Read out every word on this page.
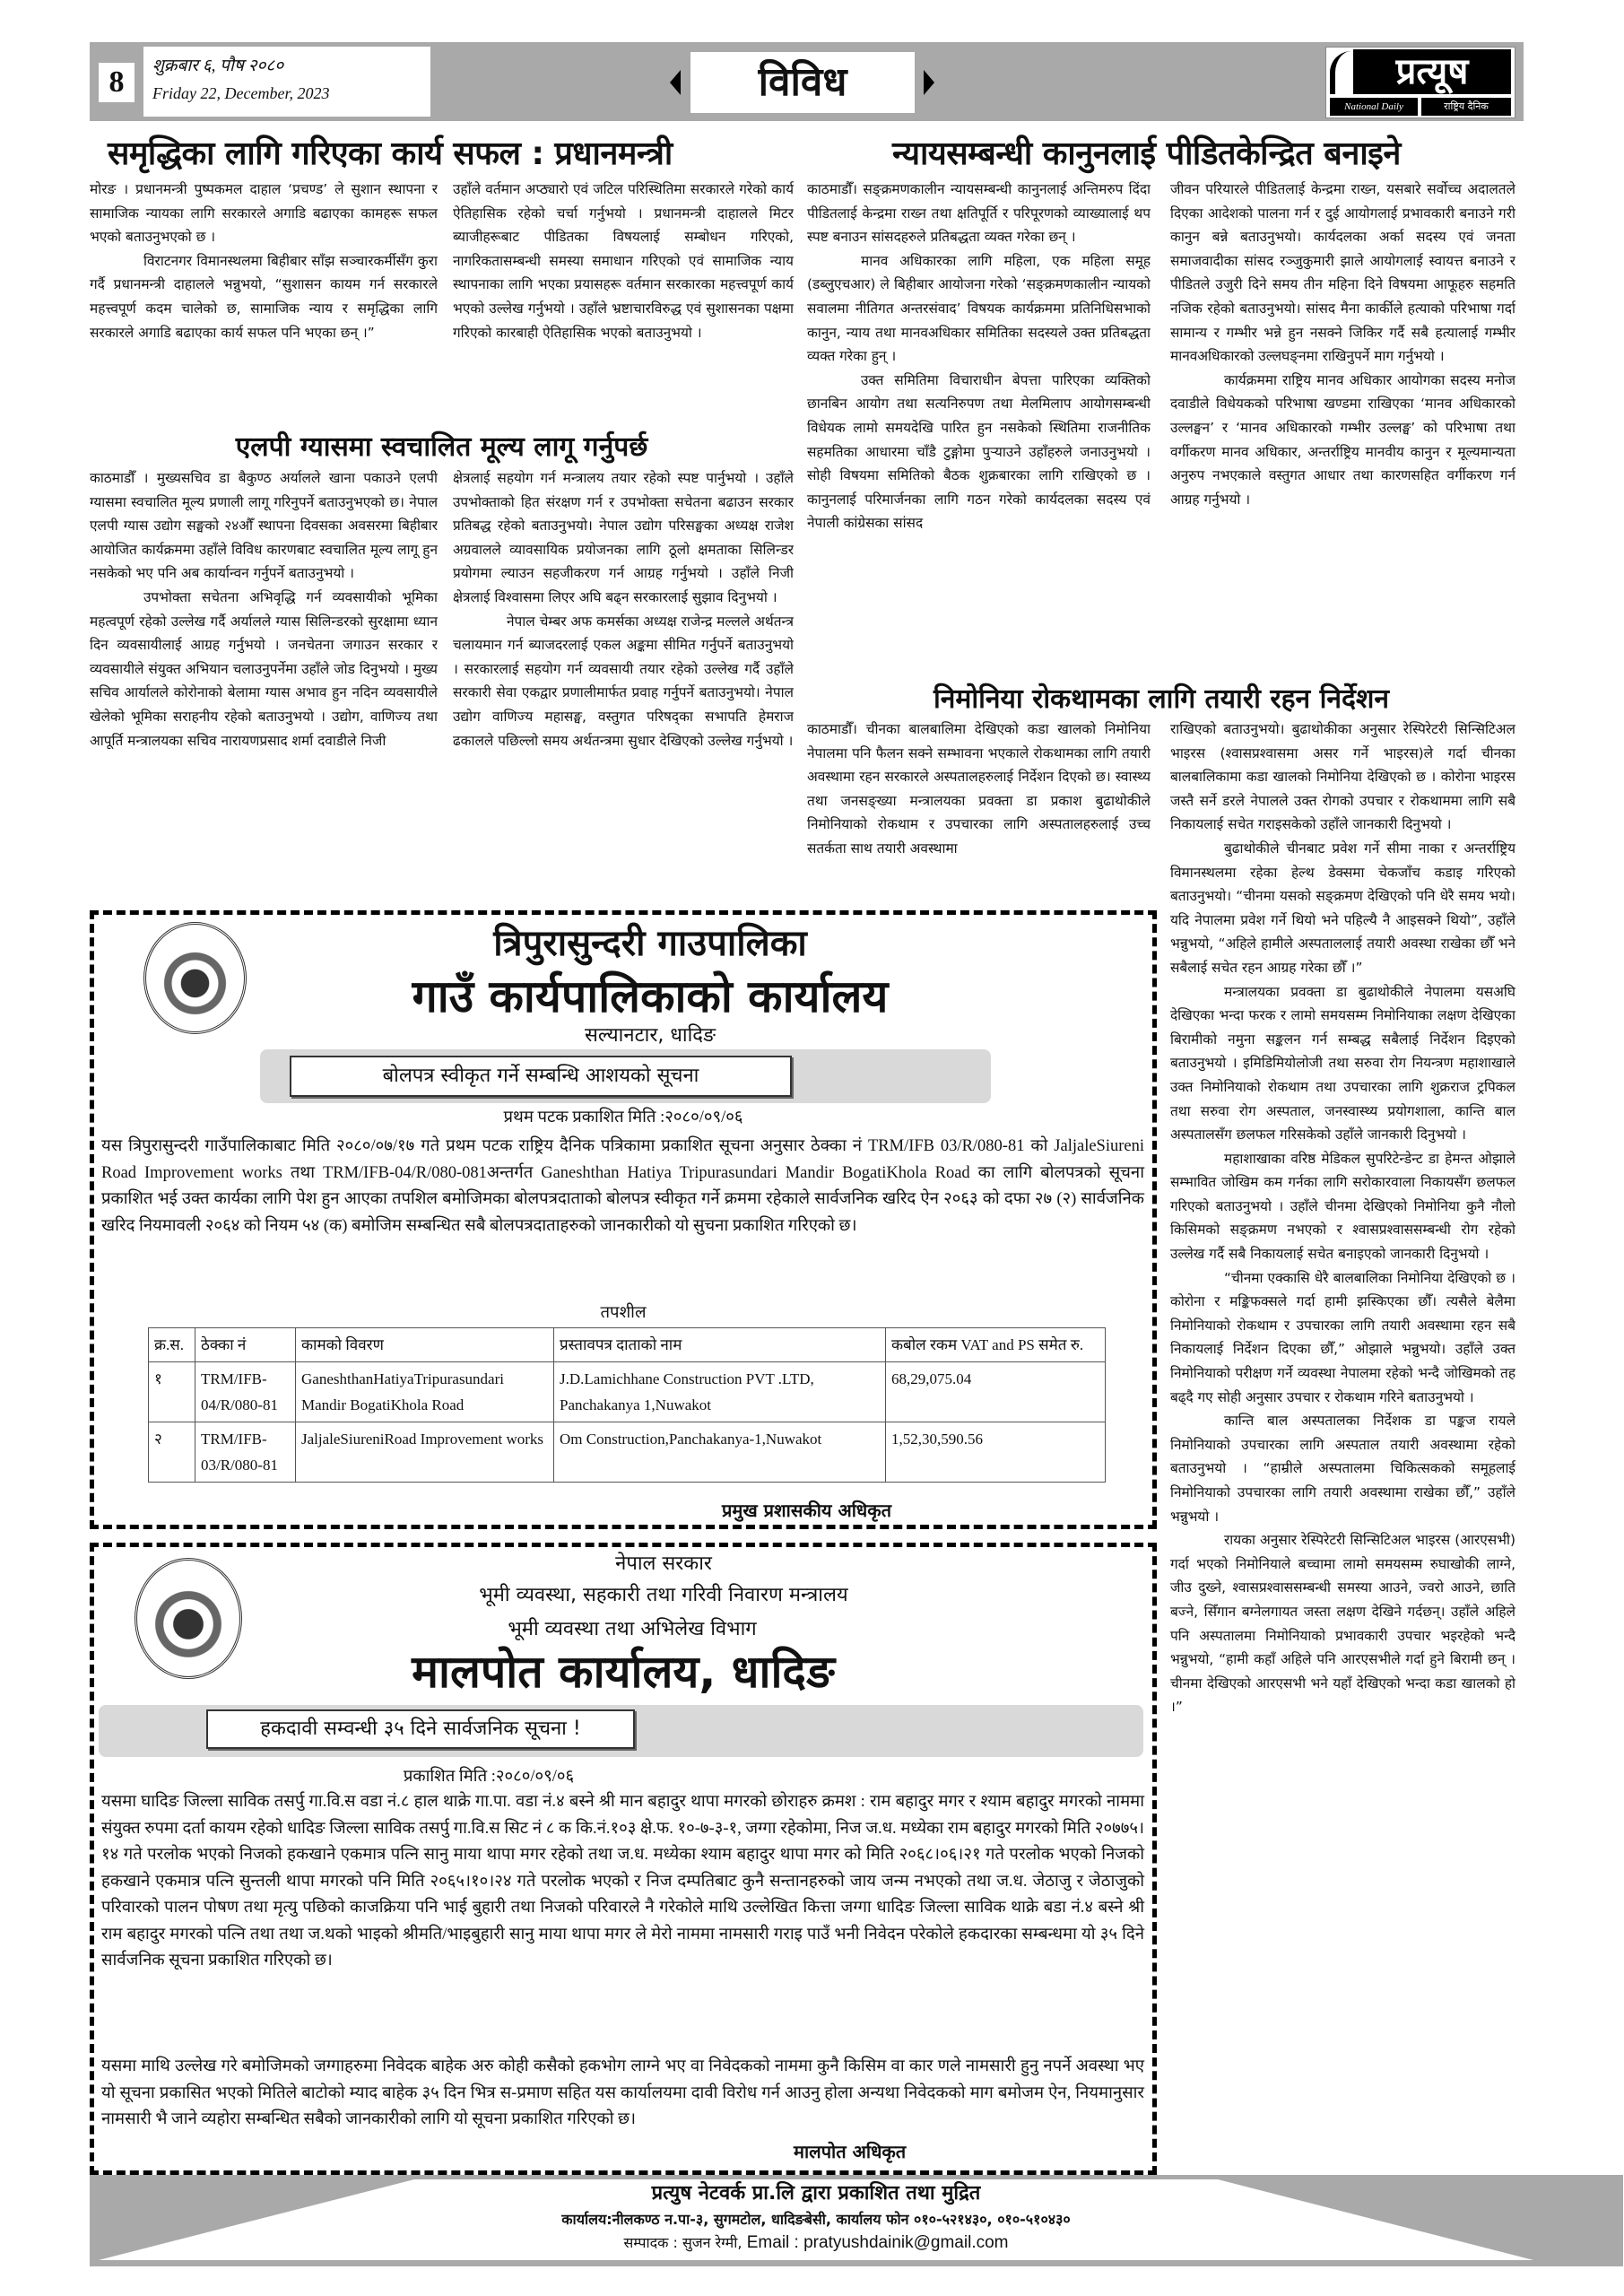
8	शुक्रबार ६, पौष २०८०
Friday 22, December, 2023	विविध	प्रत्यूष
National Daily	राष्ट्रिय दैनिक
समृद्धिका लागि गरिएका कार्य सफल : प्रधानमन्त्री

मोरङ । प्रधानमन्त्री पुष्पकमल दाहाल ‘प्रचण्ड’ ले सुशान स्थापना र सामाजिक न्यायका लागि सरकारले अगाडि बढाएका कामहरू सफल भएको बताउनुभएको छ ।

विराटनगर विमानस्थलमा बिहीबार साँझ सञ्चारकर्मीसँग कुरा गर्दै प्रधानमन्त्री दाहालले भन्नुभयो, “सुशासन कायम गर्न सरकारले महत्त्वपूर्ण कदम चालेको छ, सामाजिक न्याय र समृद्धिका लागि सरकारले अगाडि बढाएका कार्य सफल पनि भएका छन् ।”

उहाँले वर्तमान अप्ठ्यारो एवं जटिल परिस्थितिमा सरकारले गरेको कार्य ऐतिहासिक रहेको चर्चा गर्नुभयो । प्रधानमन्त्री दाहालले मिटर ब्याजीहरूबाट पीडितका विषयलाई सम्बोधन गरिएको, नागरिकतासम्बन्धी समस्या समाधान गरिएको एवं सामाजिक न्याय स्थापनाका लागि भएका प्रयासहरू वर्तमान सरकारका महत्त्वपूर्ण कार्य भएको उल्लेख गर्नुभयो । उहाँले भ्रष्टाचारविरुद्ध एवं सुशासनका पक्षमा गरिएको कारबाही ऐतिहासिक भएको बताउनुभयो ।

एलपी ग्यासमा स्वचालित मूल्य लागू गर्नुपर्छ

काठमाडौँ । मुख्यसचिव डा बैकुण्ठ अर्यालले खाना पकाउने एलपी ग्यासमा स्वचालित मूल्य प्रणाली लागू गरिनुपर्ने बताउनुभएको छ। नेपाल एलपी ग्यास उद्योग सङ्घको २४औँ स्थापना दिवसका अवसरमा बिहीबार आयोजित कार्यक्रममा उहाँले विविध कारणबाट स्वचालित मूल्य लागू हुन नसकेको भए पनि अब कार्यान्वन गर्नुपर्ने बताउनुभयो ।

उपभोक्ता सचेतना अभिवृद्धि गर्न व्यवसायीको भूमिका महत्वपूर्ण रहेको उल्लेख गर्दै अर्यालले ग्यास सिलिन्डरको सुरक्षामा ध्यान दिन व्यवसायीलाई आग्रह गर्नुभयो । जनचेतना जगाउन सरकार र व्यवसायीले संयुक्त अभियान चलाउनुपर्नेमा उहाँले जोड दिनुभयो । मुख्य सचिव आर्यालले कोरोनाको बेलामा ग्यास अभाव हुन नदिन व्यवसायीले खेलेको भूमिका सराहनीय रहेको बताउनुभयो । उद्योग, वाणिज्य तथा आपूर्ति मन्त्रालयका सचिव नारायणप्रसाद शर्मा दवाडीले निजी

क्षेत्रलाई सहयोग गर्न मन्त्रालय तयार रहेको स्पष्ट पार्नुभयो । उहाँले उपभोक्ताको हित संरक्षण गर्न र उपभोक्ता सचेतना बढाउन सरकार प्रतिबद्ध रहेको बताउनुभयो। नेपाल उद्योग परिसङ्घका अध्यक्ष राजेश अग्रवालले व्यावसायिक प्रयोजनका लागि ठूलो क्षमताका सिलिन्डर प्रयोगमा ल्याउन सहजीकरण गर्न आग्रह गर्नुभयो । उहाँले निजी क्षेत्रलाई विश्वासमा लिएर अघि बढ्न सरकारलाई सुझाव दिनुभयो ।

नेपाल चेम्बर अफ कमर्सका अध्यक्ष राजेन्द्र मल्लले अर्थतन्त्र चलायमान गर्न ब्याजदरलाई एकल अङ्कमा सीमित गर्नुपर्ने बताउनुभयो । सरकारलाई सहयोग गर्न व्यवसायी तयार रहेको उल्लेख गर्दै उहाँले सरकारी सेवा एकद्वार प्रणालीमार्फत प्रवाह गर्नुपर्ने बताउनुभयो। नेपाल उद्योग वाणिज्य महासङ्घ, वस्तुगत परिषद्का सभापति हेमराज ढकालले पछिल्लो समय अर्थतन्त्रमा सुधार देखिएको उल्लेख गर्नुभयो ।

न्यायसम्बन्धी कानुनलाई पीडितकेन्द्रित बनाइने

काठमाडौँ। सङ्क्रमणकालीन न्यायसम्बन्धी कानुनलाई अन्तिमरुप दिंदा पीडितलाई केन्द्रमा राख्न तथा क्षतिपूर्ति र परिपूरणको व्याख्यालाई थप स्पष्ट बनाउन सांसदहरुले प्रतिबद्धता व्यक्त गरेका छन् ।

मानव अधिकारका लागि महिला, एक महिला समूह (डब्लुएचआर) ले बिहीबार आयोजना गरेको ‘सङ्क्रमणकालीन न्यायको सवालमा नीतिगत अन्तरसंवाद’ विषयक कार्यक्रममा प्रतिनिधिसभाको कानुन, न्याय तथा मानवअधिकार समितिका सदस्यले उक्त प्रतिबद्धता व्यक्त गरेका हुन् ।

उक्त समितिमा विचाराधीन बेपत्ता पारिएका व्यक्तिको छानबिन आयोग तथा सत्यनिरुपण तथा मेलमिलाप आयोगसम्बन्धी विधेयक लामो समयदेखि पारित हुन नसकेको स्थितिमा राजनीतिक सहमतिका आधारमा चाँडै टुङ्गोमा पुऱ्याउने उहाँहरुले जनाउनुभयो । सोही विषयमा समितिको बैठक शुक्रबारका लागि राखिएको छ । कानुनलाई परिमार्जनका लागि गठन गरेको कार्यदलका सदस्य एवं नेपाली कांग्रेसका सांसद

जीवन परियारले पीडितलाई केन्द्रमा राख्न, यसबारे सर्वोच्च अदालतले दिएका आदेशको पालना गर्न र दुई आयोगलाई प्रभावकारी बनाउने गरी कानुन बन्ने बताउनुभयो। कार्यदलका अर्का सदस्य एवं जनता समाजवादीका सांसद रञ्जुकुमारी झाले आयोगलाई स्वायत्त बनाउने र पीडितले उजुरी दिने समय तीन महिना दिने विषयमा आफूहरु सहमति नजिक रहेको बताउनुभयो। सांसद मैना कार्कीले हत्याको परिभाषा गर्दा सामान्य र गम्भीर भन्ने हुन नसक्ने जिकिर गर्दै सबै हत्यालाई गम्भीर मानवअधिकारको उल्लघङ्नमा राखिनुपर्ने माग गर्नुभयो ।

कार्यक्रममा राष्ट्रिय मानव अधिकार आयोगका सदस्य मनोज दवाडीले विधेयकको परिभाषा खण्डमा राखिएका ‘मानव अधिकारको उल्लङ्घन’ र ‘मानव अधिकारको गम्भीर उल्लङ्घ’ को परिभाषा तथा वर्गीकरण मानव अधिकार, अन्तर्राष्ट्रिय मानवीय कानुन र मूल्यमान्यता अनुरुप नभएकाले वस्तुगत आधार तथा कारणसहित वर्गीकरण गर्न आग्रह गर्नुभयो ।

निमोनिया रोकथामका लागि तयारी रहन निर्देशन

काठमाडौँ। चीनका बालबालिमा देखिएको कडा खालको निमोनिया नेपालमा पनि फैलन सक्ने सम्भावना भएकाले रोकथामका लागि तयारी अवस्थामा रहन सरकारले अस्पतालहरुलाई निर्देशन दिएको छ। स्वास्थ्य तथा जनसङ्ख्या मन्त्रालयका प्रवक्ता डा प्रकाश बुढाथोकीले निमोनियाको रोकथाम र उपचारका लागि अस्पतालहरुलाई उच्च सतर्कता साथ तयारी अवस्थामा

राखिएको बताउनुभयो। बुढाथोकीका अनुसार रेस्पिरेटरी सिन्सिटिअल भाइरस (श्वासप्रश्वासमा असर गर्ने भाइरस)ले गर्दा चीनका बालबालिकामा कडा खालको निमोनिया देखिएको छ । कोरोना भाइरस जस्तै सर्ने डरले नेपालले उक्त रोगको उपचार र रोकथाममा लागि सबै निकायलाई सचेत गराइसकेको उहाँले जानकारी दिनुभयो ।

बुढाथोकीले चीनबाट प्रवेश गर्ने सीमा नाका र अन्तर्राष्ट्रिय विमानस्थलमा रहेका हेल्थ डेक्समा चेकजाँच कडाइ गरिएको बताउनुभयो। “चीनमा यसको सङ्क्रमण देखिएको पनि धेरै समय भयो। यदि नेपालमा प्रवेश गर्ने थियो भने पहिल्यै नै आइसक्ने थियो”, उहाँले भन्नुभयो, “अहिले हामीले अस्पताललाई तयारी अवस्था राखेका छौँ भने सबैलाई सचेत रहन आग्रह गरेका छौँ ।”

मन्त्रालयका प्रवक्ता डा बुढाथोकीले नेपालमा यसअघि देखिएका भन्दा फरक र लामो समयसम्म निमोनियाका लक्षण देखिएका बिरामीको नमुना सङ्कलन गर्न सम्बद्ध सबैलाई निर्देशन दिइएको बताउनुभयो । इमिडिमियोलोजी तथा सरुवा रोग नियन्त्रण महाशाखाले उक्त निमोनियाको रोकथाम तथा उपचारका लागि शुक्रराज ट्रपिकल तथा सरुवा रोग अस्पताल, जनस्वास्थ्य प्रयोगशाला, कान्ति बाल अस्पतालसँग छलफल गरिसकेको उहाँले जानकारी दिनुभयो ।

महाशाखाका वरिष्ठ मेडिकल सुपरिटेन्डेन्ट डा हेमन्त ओझाले सम्भावित जोखिम कम गर्नका लागि सरोकारवाला निकायसँग छलफल गरिएको बताउनुभयो । उहाँले चीनमा देखिएको निमोनिया कुनै नौलो किसिमको सङ्क्रमण नभएको र श्वासप्रश्वाससम्बन्धी रोग रहेको उल्लेख गर्दै सबै निकायलाई सचेत बनाइएको जानकारी दिनुभयो ।

“चीनमा एक्कासि धेरै बालबालिका निमोनिया देखिएको छ । कोरोना र मङ्किफक्सले गर्दा हामी झस्किएका छौँ। त्यसैले बेलैमा निमोनियाको रोकथाम र उपचारका लागि तयारी अवस्थामा रहन सबै निकायलाई निर्देशन दिएका छौँ,” ओझाले भन्नुभयो। उहाँले उक्त निमोनियाको परीक्षण गर्ने व्यवस्था नेपालमा रहेको भन्दै जोखिमको तह बढ्दै गए सोही अनुसार उपचार र रोकथाम गरिने बताउनुभयो ।

कान्ति बाल अस्पतालका निर्देशक डा पङ्कज रायले निमोनियाको उपचारका लागि अस्पताल तयारी अवस्थामा रहेको बताउनुभयो । “हाम्रीले अस्पतालमा चिकित्सकको समूहलाई निमोनियाको उपचारका लागि तयारी अवस्थामा राखेका छौँ,” उहाँले भन्नुभयो ।

रायका अनुसार रेस्पिरेटरी सिन्सिटिअल भाइरस (आरएसभी) गर्दा भएको निमोनियाले बच्चामा लामो समयसम्म रुघाखोकी लाग्ने, जीउ दुख्ने, श्वासप्रश्वाससम्बन्धी समस्या आउने, ज्वरो आउने, छाति बज्ने, सिँगान बग्नेलगायत जस्ता लक्षण देखिने गर्दछन्। उहाँले अहिले पनि अस्पतालमा निमोनियाको प्रभावकारी उपचार भइरहेको भन्दै भन्नुभयो, “हामी कहाँ अहिले पनि आरएसभीले गर्दा हुने बिरामी छन् । चीनमा देखिएको आरएसभी भने यहाँ देखिएको भन्दा कडा खालको हो ।”

त्रिपुरासुन्दरी गाउपालिका
गाउँ कार्यपालिकाको कार्यालय
सल्यानटार, धादिङ
बोलपत्र स्वीकृत गर्ने सम्बन्धि आशयको सूचना
प्रथम पटक प्रकाशित मिति :२०८०/०९/०६
यस त्रिपुरासुन्दरी गाउँपालिकाबाट मिति २०८०/०७/१७ गते प्रथम पटक राष्ट्रिय दैनिक पत्रिकामा प्रकाशित सूचना अनुसार ठेक्का नं TRM/IFB 03/R/080-81 को JaljaleSiureni Road Improvement works तथा TRM/IFB-04/R/080-081अन्तर्गत Ganeshthan Hatiya Tripurasundari Mandir BogatiKhola Road का लागि बोलपत्रको सूचना प्रकाशित भई उक्त कार्यका लागि पेश हुन आएका तपशिल बमोजिमका बोलपत्रदाताको बोलपत्र स्वीकृत गर्ने क्रममा रहेकाले सार्वजनिक खरिद ऐन २०६३ को दफा २७ (२) सार्वजनिक खरिद नियमावली २०६४ को नियम ५४ (क) बमोजिम सम्बन्धित सबै बोलपत्रदाताहरुको जानकारीको यो सुचना प्रकाशित गरिएको छ।
तपशील
क्र.स.	ठेक्का नं	कामको विवरण	प्रस्तावपत्र दाताको नाम	कबोल रकम VAT and PS समेत रु.
१	TRM/IFB-04/R/080-81	GaneshthanHatiyaTripurasundari Mandir BogatiKhola Road	J.D.Lamichhane Construction PVT .LTD, Panchakanya 1,Nuwakot	68,29,075.04
२	TRM/IFB-03/R/080-81	JaljaleSiureniRoad Improvement works	Om Construction,Panchakanya-1,Nuwakot	1,52,30,590.56
प्रमुख प्रशासकीय अधिकृत
नेपाल सरकार
भूमी व्यवस्था, सहकारी तथा गरिवी निवारण मन्त्रालय
भूमी व्यवस्था तथा अभिलेख विभाग
मालपोत कार्यालय, धादिङ
हकदावी सम्वन्धी ३५ दिने सार्वजनिक सूचना !
प्रकाशित मिति :२०८०/०९/०६
यसमा घादिङ जिल्ला साविक तसर्पु गा.वि.स वडा नं.८ हाल थाक्रे गा.पा. वडा नं.४ बस्ने श्री मान बहादुर थापा मगरको छोराहरु क्रमश : राम बहादुर मगर र श्याम बहादुर मगरको नाममा संयुक्त रुपमा दर्ता कायम रहेको धादिङ जिल्ला साविक तसर्पु गा.वि.स सिट नं ८ क कि.नं.१०३ क्षे.फ. १०-७-३-१, जग्गा रहेकोमा, निज ज.ध. मध्येका राम बहादुर मगरको मिति २०७७५।१४ गते परलोक भएको निजको हकखाने एकमात्र पत्नि सानु माया थापा मगर रहेको तथा ज.ध. मध्येका श्याम बहादुर थापा मगर को मिति २०६८।०६।२१ गते परलोक भएको निजको हकखाने एकमात्र पत्नि सुन्तली थापा मगरको पनि मिति २०६५।१०।२४ गते परलोक भएको र निज दम्पतिबाट कुनै सन्तानहरुको जाय जन्म नभएको तथा ज.ध. जेठाजु र जेठाजुको परिवारको पालन पोषण तथा मृत्यु पछिको काजक्रिया पनि भाई बुहारी तथा निजको परिवारले नै गरेकोले माथि उल्लेखित कित्ता जग्गा धादिङ जिल्ला साविक थाक्रे बडा नं.४ बस्ने श्री राम बहादुर मगरको पत्नि तथा तथा ज.थको भाइको श्रीमति/भाइबुहारी सानु माया थापा मगर ले मेरो नाममा नामसारी गराइ पाउँ भनी निवेदन परेकोले हकदारका सम्बन्धमा यो ३५ दिने सार्वजनिक सूचना प्रकाशित गरिएको छ।
यसमा माथि उल्लेख गरे बमोजिमको जग्गाहरुमा निवेदक बाहेक अरु कोही कसैको हकभोग लाग्ने भए वा निवेदकको नाममा कुनै किसिम वा कार णले नामसारी हुनु नपर्ने अवस्था भए यो सूचना प्रकासित भएको मितिले बाटोको म्याद बाहेक ३५ दिन भित्र स-प्रमाण सहित यस कार्यालयमा दावी विरोध गर्न आउनु होला अन्यथा निवेदकको माग बमोजम ऐन, नियमानुसार नामसारी भै जाने व्यहोरा सम्बन्धित सबैको जानकारीको लागि यो सूचना प्रकाशित गरिएको छ।
मालपोत अधिकृत
प्रत्युष नेटवर्क प्रा.लि द्वारा प्रकाशित तथा मुद्रित
कार्यालय:नीलकण्ठ न.पा-३, सुगमटोल, धादिङबेसी, कार्यालय फोन ०१०-५२१४३०, ०१०-५१०४३०
सम्पादक : सुजन रेग्मी, Email : pratyushdainik@gmail.com
